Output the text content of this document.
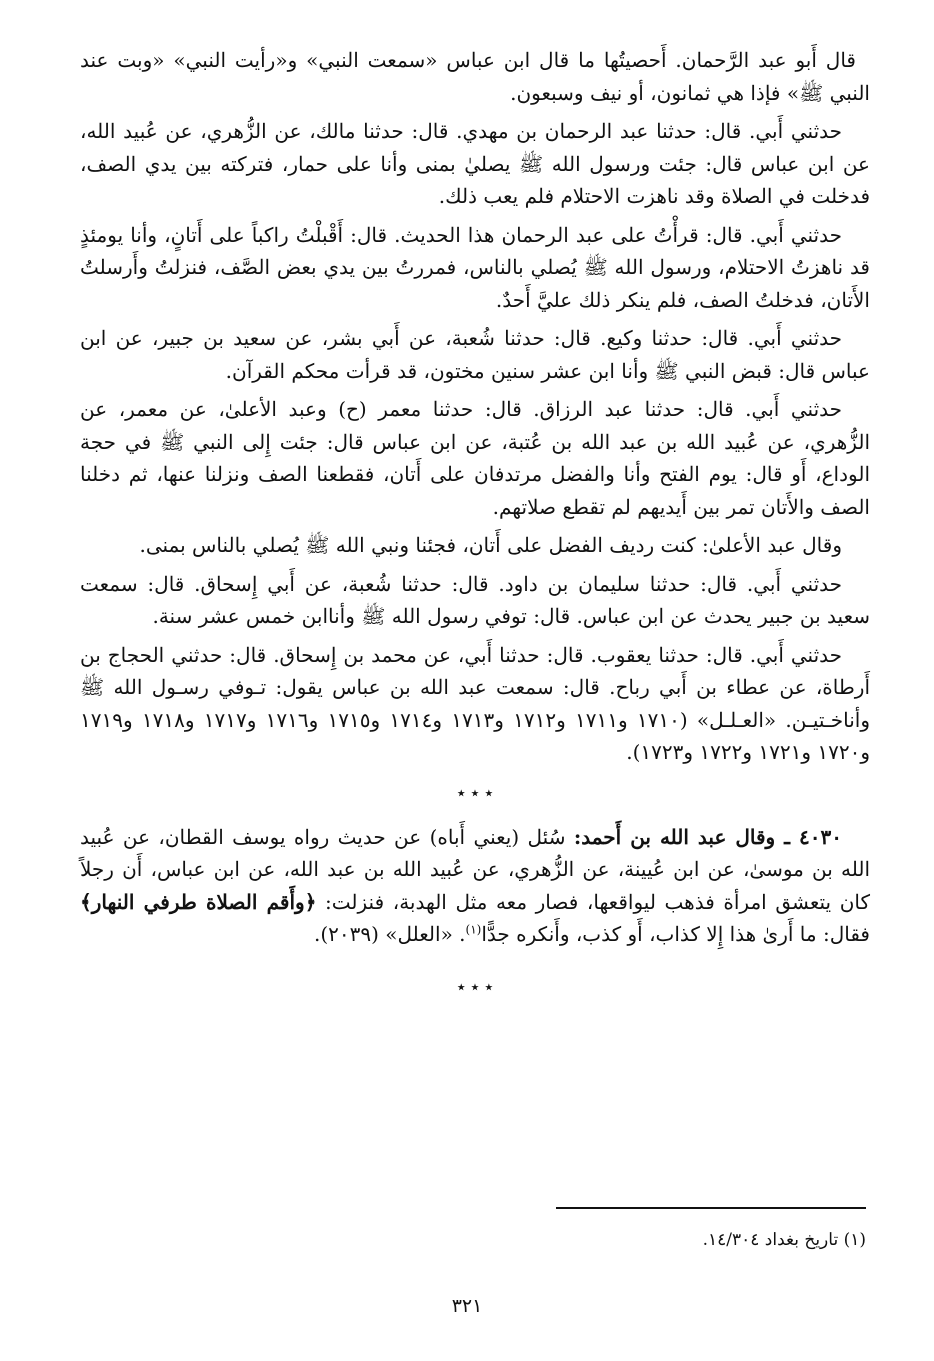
قال أَبو عبد الرَّحمان. أَحصيتُها ما قال ابن عباس «سمعت النبي» و«رأيت النبي» «وبت عند النبي ﷺ» فإذا هي ثمانون، أو نيف وسبعون.

حدثني أَبي. قال: حدثنا عبد الرحمان بن مهدي. قال: حدثنا مالك، عن الزُّهري، عن عُبيد الله، عن ابن عباس قال: جئت ورسول الله ﷺ يصليٰ بمنى وأنا على حمار، فتركته بين يدي الصف، فدخلت في الصلاة وقد ناهزت الاحتلام فلم يعب ذلك.

حدثني أَبي. قال: قرأْتُ على عبد الرحمان هذا الحديث. قال: أَقْبلْتُ راكباً على أَتانٍ، وأنا يومئذٍ قد ناهزتُ الاحتلام، ورسول الله ﷺ يُصلي بالناس، فمررتُ بين يدي بعض الصَّف، فنزلتُ وأَرسلتُ الأَتان، فدخلتُ الصف، فلم ينكر ذلك عليَّ أَحدٌ.

حدثني أَبي. قال: حدثنا وكيع. قال: حدثنا شُعبة، عن أَبي بشر، عن سعيد بن جبير، عن ابن عباس قال: قبض النبي ﷺ وأنا ابن عشر سنين مختون، قد قرأت محكم القرآن.

حدثني أَبي. قال: حدثنا عبد الرزاق. قال: حدثنا معمر (ح) وعبد الأعلىٰ، عن معمر، عن الزُّهري، عن عُبيد الله بن عبد الله بن عُتبة، عن ابن عباس قال: جئت إِلى النبي ﷺ في حجة الوداع، أَو قال: يوم الفتح وأنا والفضل مرتدفان على أَتان، فقطعنا الصف ونزلنا عنها، ثم دخلنا الصف والأَتان تمر بين أَيديهم لم تقطع صلاتهم.

وقال عبد الأعلىٰ: كنت رديف الفضل على أَتان، فجئنا ونبي الله ﷺ يُصلي بالناس بمنى.

حدثني أَبي. قال: حدثنا سليمان بن داود. قال: حدثنا شُعبة، عن أَبي إِسحاق. قال: سمعت سعيد بن جبير يحدث عن ابن عباس. قال: توفي رسول الله ﷺ وأناابن خمس عشر سنة.

حدثني أَبي. قال: حدثنا يعقوب. قال: حدثنا أَبي، عن محمد بن إِسحاق. قال: حدثني الحجاج بن أَرطاة، عن عطاء بن أَبي رباح. قال: سمعت عبد الله بن عباس يقول: تـوفي رسـول الله ﷺ وأناخـتيـن. «العـلـل» (١٧١٠ و١٧١١ و١٧١٢ و١٧١٣ و١٧١٤ و١٧١٥ و١٧١٦ و١٧١٧ و١٧١٨ و١٧١٩ و١٧٢٠ و١٧٢١ و١٧٢٢ و١٧٢٣).

٭ ٭ ٭

٤٠٣٠ ـ وقال عبد الله بن أَحمد: سُئل (يعني أَباه) عن حديث رواه يوسف القطان، عن عُبيد الله بن موسىٰ، عن ابن عُيينة، عن الزُّهري، عن عُبيد الله بن عبد الله، عن ابن عباس، أَن رجلاً كان يتعشق امرأة فذهب ليواقعها، فصار معه مثل الهدبة، فنزلت: ﴿وأَقم الصلاة طرفي النهار﴾ فقال: ما أَرىٰ هذا إِلا كذاب، أَو كذب، وأَنكره جدًّا$^{(١)}$. «العلل» (٢٠٣٩).

٭ ٭ ٭
(١) تاريخ بغداد ١٤/٣٠٤.
٣٢١
